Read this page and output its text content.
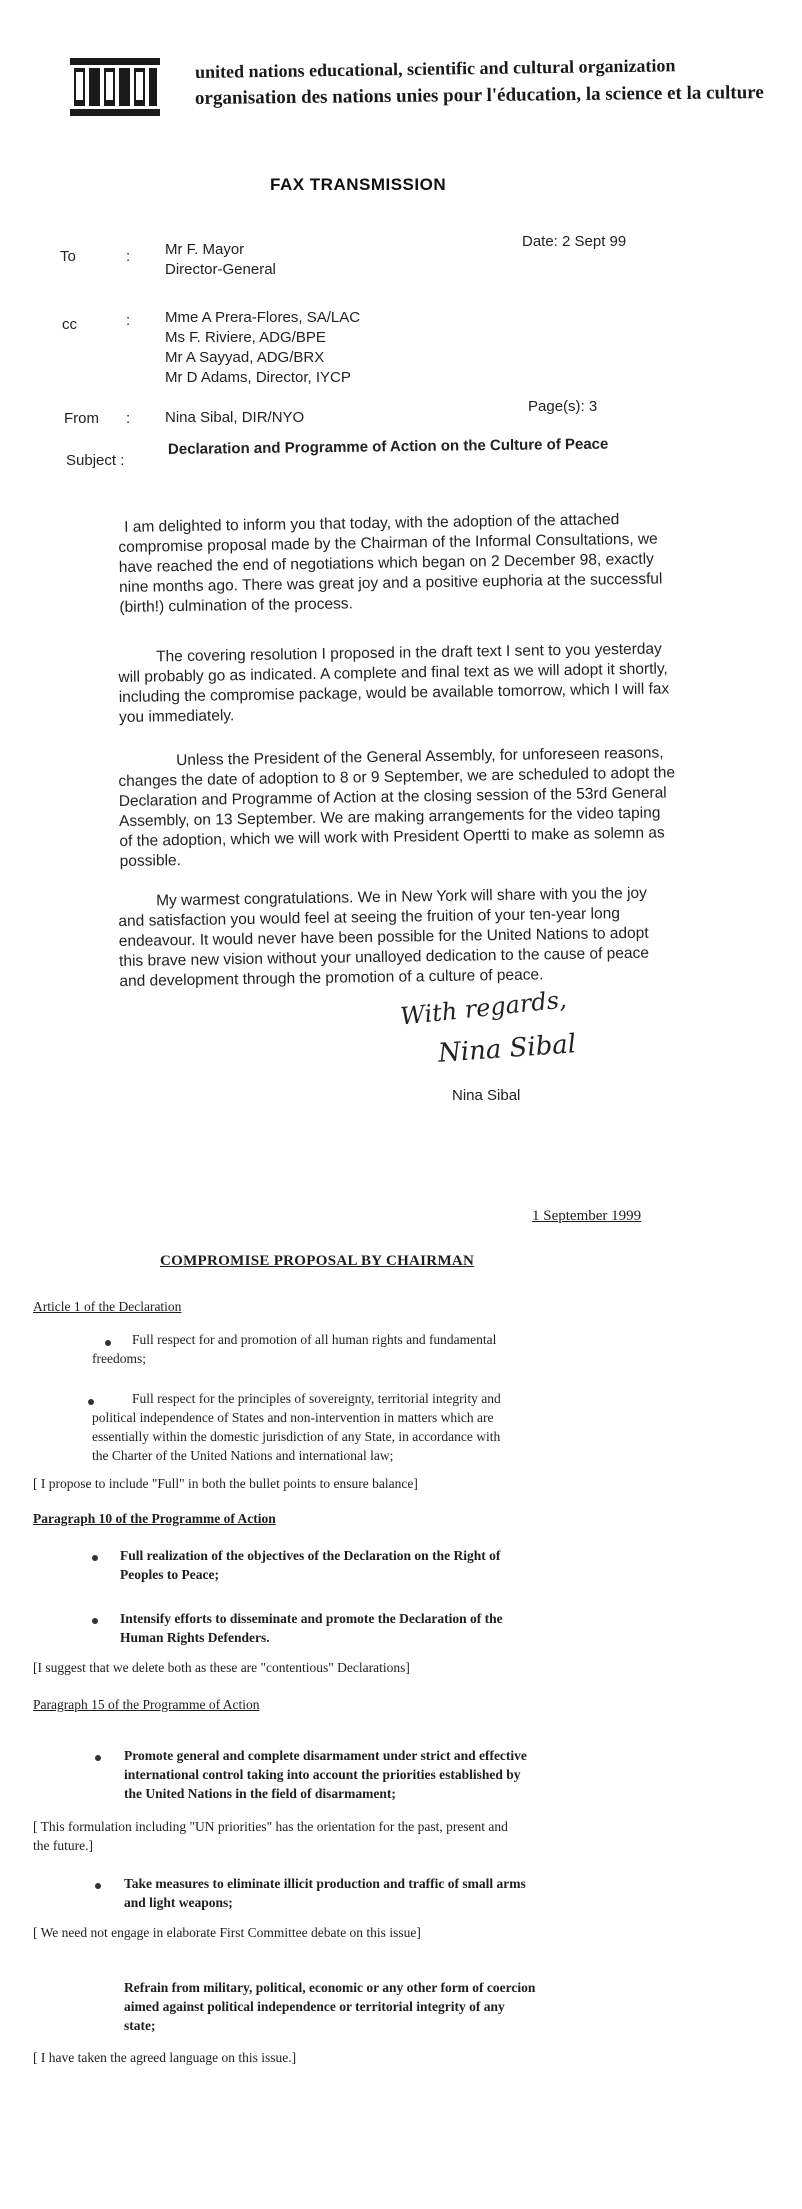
united nations educational, scientific and cultural organization
organisation des nations unies pour l'éducation, la science et la culture
FAX TRANSMISSION
To	: Mr F. Mayor
Director-General
Date: 2 Sept 99
cc	: Mme A Prera-Flores, SA/LAC
Ms F. Riviere, ADG/BPE
Mr A Sayyad, ADG/BRX
Mr D Adams, Director, IYCP
From : Nina Sibal, DIR/NYO
Page(s): 3
Subject :
Declaration and Programme of Action on the Culture of Peace
I am delighted to inform you that today, with the adoption of the attached
compromise proposal made by the Chairman of the Informal Consultations, we
have reached the end of negotiations which began on 2 December 98, exactly
nine months ago. There was great joy and a positive euphoria at the successful
(birth!) culmination of the process.
The covering resolution I proposed in the draft text I sent to you yesterday
will probably go as indicated. A complete and final text as we will adopt it shortly,
including the compromise package, would be available tomorrow, which I will fax
you immediately.
Unless the President of the General Assembly, for unforeseen reasons,
changes the date of adoption to 8 or 9 September, we are scheduled to adopt the
Declaration and Programme of Action at the closing session of the 53rd General
Assembly, on 13 September. We are making arrangements for the video taping
of the adoption, which we will work with President Opertti to make as solemn as
possible.
My warmest congratulations. We in New York will share with you the joy
and satisfaction you would feel at seeing the fruition of your ten-year long
endeavour. It would never have been possible for the United Nations to adopt
this brave new vision without your unalloyed dedication to the cause of peace
and development through the promotion of a culture of peace.
With regards,
Nina Sibal
Nina Sibal
1 September 1999
COMPROMISE PROPOSAL BY CHAIRMAN
Article 1 of the Declaration
Full respect for and promotion of all human rights and fundamental
freedoms;
Full respect for the principles of sovereignty, territorial integrity and
political independence of States and non-intervention in matters which are
essentially within the domestic jurisdiction of any State, in accordance with
the Charter of the United Nations and international law;
[ I propose to include "Full" in both the bullet points to ensure balance]
Paragraph 10 of the Programme of Action
Full realization of the objectives of the Declaration on the Right of
Peoples to Peace;
Intensify efforts to disseminate and promote the Declaration of the
Human Rights Defenders.
[I suggest that we delete both as these are "contentious" Declarations]
Paragraph 15 of the Programme of Action
Promote general and complete disarmament under strict and effective
international control taking into account the priorities established by
the United Nations in the field of disarmament;
[ This formulation including "UN priorities" has the orientation for the past, present and
the future.]
Take measures to eliminate illicit production and traffic of small arms
and light weapons;
[ We need not engage in elaborate First Committee debate on this issue]
Refrain from military, political, economic or any other form of coercion
aimed against political independence or territorial integrity of any
state;
[ I have taken the agreed language on this issue.]
